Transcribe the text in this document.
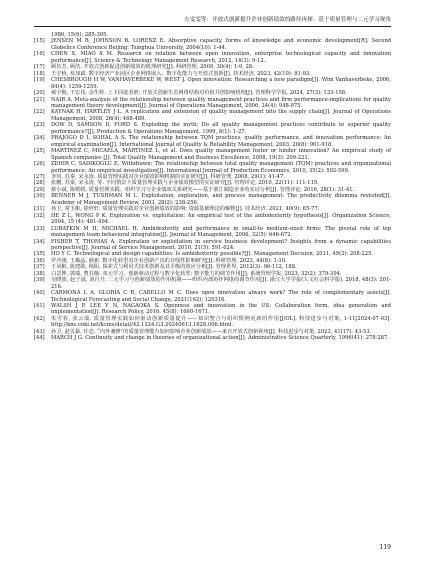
方雯雯等：开放式创新提升企业创新绩效的路径再探：基于质量管理与二元学习视角
1986, 15(6): 285-305.
[15]	JENSEN M B, JOHNSON B, LORENZ E. Absorptive capacity, forms of knowledge and economic development[R]. Second Globelics Conference Beijing: Tsinghua University, 2004(10): 1-44.
[16]	CHEN X, MIAO X M. Research on relation between open innovation, enterprise technological capacity and innovation performance[J]. Science & Technology Management Research, 2012, 14(3): 9-12.
[17]	顾伍芳, 顾浩. 开放式创新促进创新绩效的机理研究[J]. 科研管理, 2009, 30(4): 1-9, 28.
[18]	王宇桥, 易加斌. 数字经济产业园区企业网络嵌入、数字化能力与开放式创新[J]. 技术经济, 2023, 42(10): 81-93.
[19]	CHESBROUGH H W, VANHAVERBEKE W, WEST J. Open innovation: Researching a new paradigm[J]. Wim Vanhaverbeke, 2006, 84(4): 1259-1259.
[20]	郝宇梅, 王宏伟, 余生辉. 上下同欲者胜: 开放式创新生态网络结构对价值共创影响机理[J]. 管理科学学报, 2024, 27(3): 133-158.
[21]	NAIR A. Meta-analysis of the relationship between quality management practices and firm performance-implications for quality management theory development[J]. Journal of Operations Management, 2006, 24(4): 948-975.
[22]	KAYNAK H, HARTLEY J L. A replication and extension of quality management into the supply chain[J]. Journal of Operations Management, 2008, 26(4): 468-489.
[23]	DOW D, SAMSON D, FORD S. Exploding the myth; Do all quality management practices contribute to superior quality performance?[J]. Production & Operations Management, 1999, 8(1): 1-27.
[24]	PRAJOGO D I, SOHAL A S. The relationship between TQM practices, quality performance, and innovation performance: An empirical examination[J]. International Journal of Quality & Reliability Management, 2003, 20(8): 901-918.
[25]	MARTINEZ C, MICAELA, MARTINEZ L, et al. Does quality management foster or hinder innovation? An empirical study of Spanish companies [J]. Total Quality Management and Business Excellence, 2008, 19(3): 209-221.
[26]	ZEHIR C, SADIKOGLU E. Withdrawn: The relationship between total quality management (TQM) practices and organizational performance: An empirical investigation[J]. International Journal of Production Economics, 2010, 35(2): 592-599.
[27]	李钊, 苏秦, 宋永涛. 质量管理实践对企业绩效影响机制的实证研究[J]. 科研管理, 2008, 29(1): 41-47.
[28]	张鹏, 苏秦, 宋永涛, 等. 不同情景下质量管理实践与企业绩效模型的实证研究[J]. 管理评论, 2010, 22(11): 111-119.
[29]	蔡小斌, 陈媛媛. 质量管理实践、组织学习与企业绩效关系研究——基于浙江制造企业的实证分析[J]. 管理评论, 2016, 28(1): 31-41.
[30]	BENNER M J, TUSHMAN M L. Exploitation, exploration, and process management: The productivity dilemma revisited[J]. Academy of Management Review, 2003, 28(2): 238-256.
[31]	孙卫, 常玉彬, 徐梓轩. 质量管理实践对企业创新绩效的影响: 资源基础理论的解释[J]. 技术经济, 2021, 40(9): 65-77.
[32]	HE Z L, WONG P K. Exploration vs. exploitation: An empirical test of the ambidexterity hypothesis[J]. Organization Science, 2004, 15 (4): 481-494.
[33]	LUBATKIN M H, MICHAEL H. Ambidexterity and performance in small-to medium-sized firms: The pivotal role of top management team behavioral integration[J]. Journal of Management, 2006, 32(5): 646-672.
[34]	FISHER T, THOMAS A. Exploration or exploitation in service business development? Insights from a dynamic capabilities perspective[J]. Journal of Service Management, 2010, 21(5): 591-624.
[35]	HO Y C. Technological and design capabilities: Is ambidexterity possible?[J]. Management Decision, 2011, 49(2): 208-225.
[36]	罗庆刚, 王森晶, 耿新. 数字化转型对企业创新产出的非线性影响研究[J]. 科研管理, 2023, 44(8): 1-10.
[37]	王凤彬, 陈建勋, 杨阳. 探索式与利用式技术创新及其平衡的效应分析[J]. 管理世界, 2012(3): 96-112, 188.
[38]	白景坤, 郭瑞, 曹芬薇. 双元学习、创新驱动过程与数字化转型: 数字能力的调节作用[J]. 系统管理学报, 2023, 32(2): 379-394.
[39]	吴晓波, 赵子溢, 刘自升. 二元学习与创新绩效的作用机制——组织内部协作网络的调节作用[J]. 浙江大学学报(人文社会科学版), 2018, 48(3): 201-216.
[40]	CARMONA L A, GLORIA C R, CABELLO M C. Does open innovation always work? The role of complementary assets[J]. Technological Forecasting and Social Change, 2021(162): 120316.
[41]	WALSH J P, LEE Y N, NAGAOKA S. Openness and innovation in the US: Collaboration form, idea generation and implementation[J]. Research Policy, 2016, 45(8): 1660-1671.
[42]	朱雪春, 张云瑞. 质量管理实践如何驱动创新质量提升——知识整合与组织惯例更新的作用[J/OL]. 科技进步与对策, 1-11[2024-07-03]. http://kns.cnki.net/kcms/detail/42.1224.G3.20240613.1828.006.html.
[43]	孙卫, 赵贝暴, 任忠. “内外兼修”的质量管理能力如何影响企业创新绩效——来自开放式创新视角[J]. 科技进步与对策, 2023, 41(17): 43-53.
[44]	MARCH J G. Continuity and change in theories of organizational action[J]. Administrative Science Quarterly, 1996(41): 278-287.
119
